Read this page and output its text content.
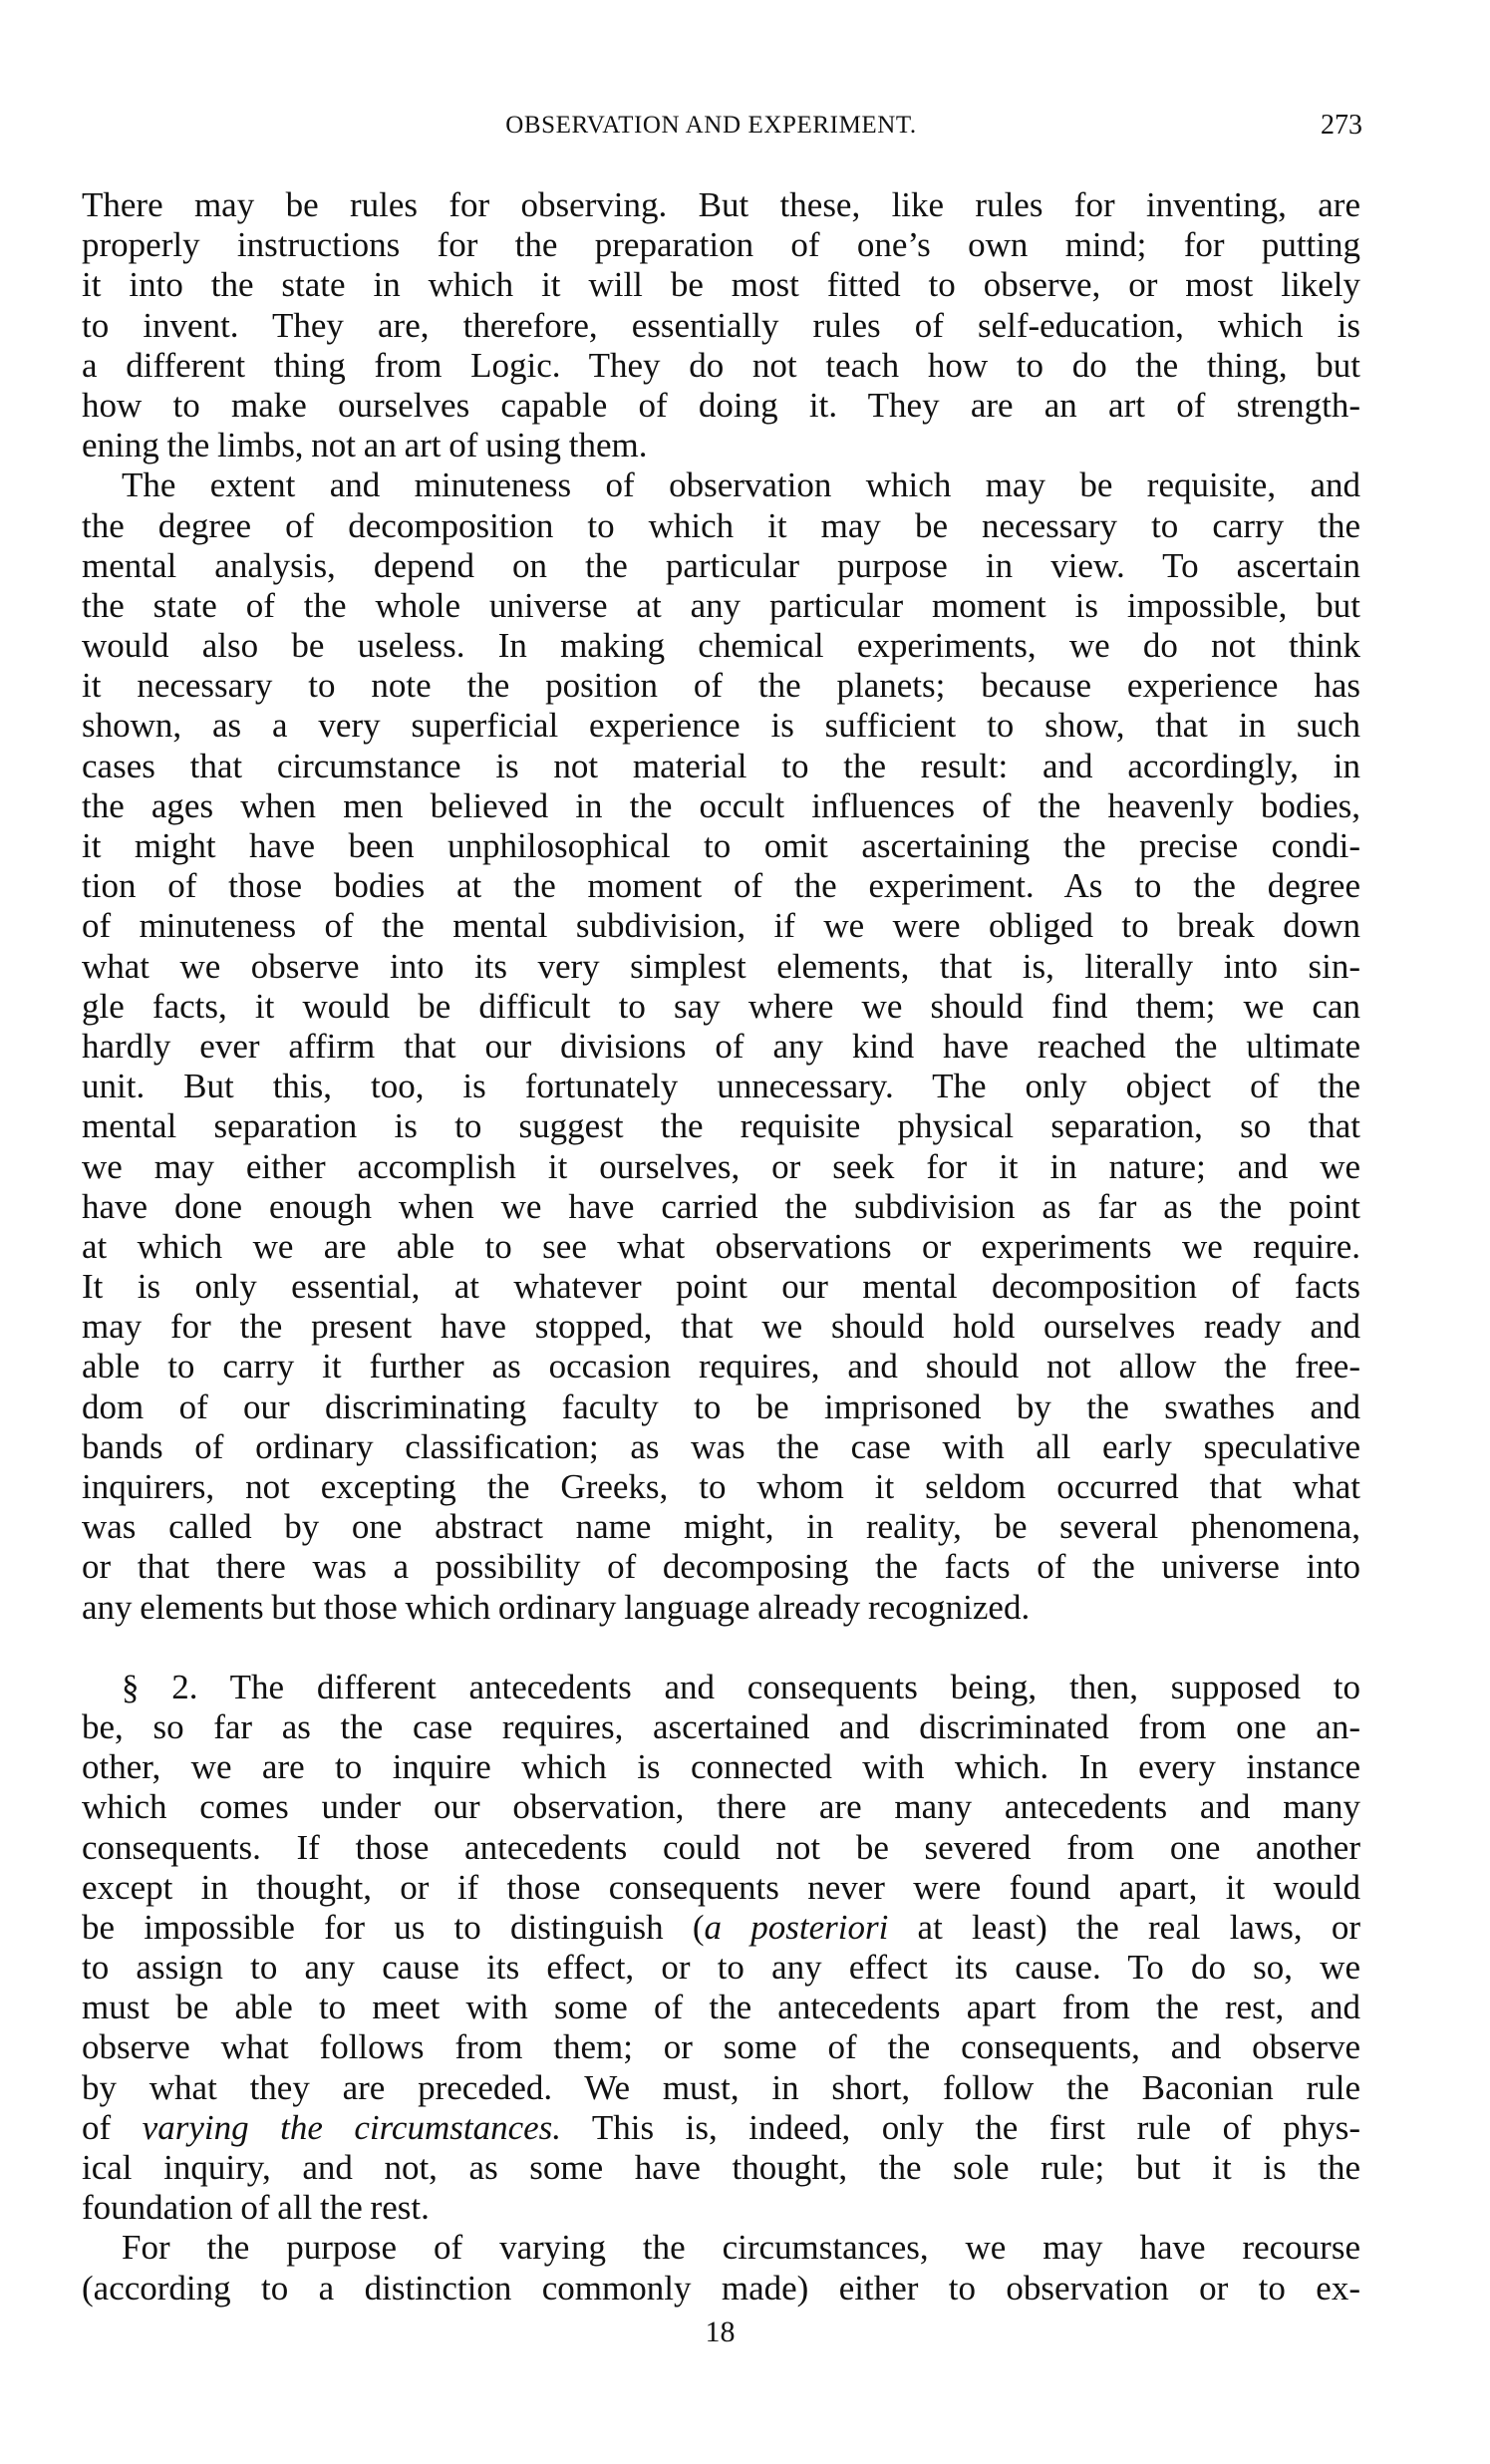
OBSERVATION AND EXPERIMENT.	273
There may be rules for observing. But these, like rules for inventing, are
properly instructions for the preparation of one’s own mind; for putting
it into the state in which it will be most fitted to observe, or most likely
to invent. They are, therefore, essentially rules of self-education, which is
a different thing from Logic. They do not teach how to do the thing, but
how to make ourselves capable of doing it. They are an art of strength-
ening the limbs, not an art of using them.
The extent and minuteness of observation which may be requisite, and
the degree of decomposition to which it may be necessary to carry the
mental analysis, depend on the particular purpose in view. To ascertain
the state of the whole universe at any particular moment is impossible, but
would also be useless. In making chemical experiments, we do not think
it necessary to note the position of the planets; because experience has
shown, as a very superficial experience is sufficient to show, that in such
cases that circumstance is not material to the result: and accordingly, in
the ages when men believed in the occult influences of the heavenly bodies,
it might have been unphilosophical to omit ascertaining the precise condi-
tion of those bodies at the moment of the experiment. As to the degree
of minuteness of the mental subdivision, if we were obliged to break down
what we observe into its very simplest elements, that is, literally into sin-
gle facts, it would be difficult to say where we should find them; we can
hardly ever affirm that our divisions of any kind have reached the ultimate
unit. But this, too, is fortunately unnecessary. The only object of the
mental separation is to suggest the requisite physical separation, so that
we may either accomplish it ourselves, or seek for it in nature; and we
have done enough when we have carried the subdivision as far as the point
at which we are able to see what observations or experiments we require.
It is only essential, at whatever point our mental decomposition of facts
may for the present have stopped, that we should hold ourselves ready and
able to carry it further as occasion requires, and should not allow the free-
dom of our discriminating faculty to be imprisoned by the swathes and
bands of ordinary classification; as was the case with all early speculative
inquirers, not excepting the Greeks, to whom it seldom occurred that what
was called by one abstract name might, in reality, be several phenomena,
or that there was a possibility of decomposing the facts of the universe into
any elements but those which ordinary language already recognized.
§ 2. The different antecedents and consequents being, then, supposed to
be, so far as the case requires, ascertained and discriminated from one an-
other, we are to inquire which is connected with which. In every instance
which comes under our observation, there are many antecedents and many
consequents. If those antecedents could not be severed from one another
except in thought, or if those consequents never were found apart, it would
be impossible for us to distinguish (a posteriori at least) the real laws, or
to assign to any cause its effect, or to any effect its cause. To do so, we
must be able to meet with some of the antecedents apart from the rest, and
observe what follows from them; or some of the consequents, and observe
by what they are preceded. We must, in short, follow the Baconian rule
of varying the circumstances. This is, indeed, only the first rule of phys-
ical inquiry, and not, as some have thought, the sole rule; but it is the
foundation of all the rest.
For the purpose of varying the circumstances, we may have recourse
(according to a distinction commonly made) either to observation or to ex-
18
